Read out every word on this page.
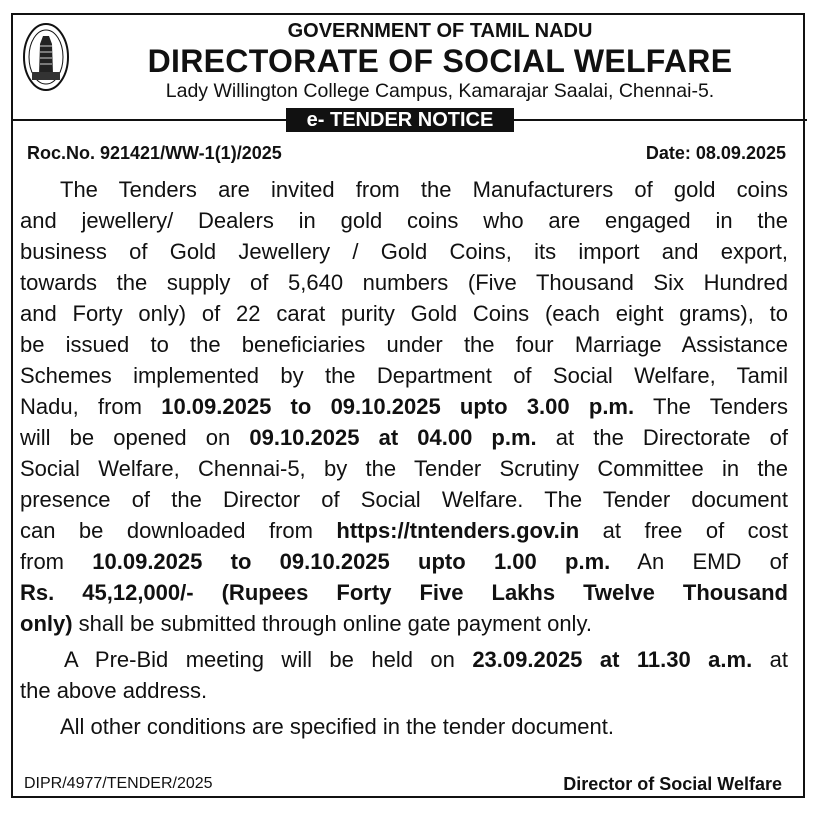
GOVERNMENT OF TAMIL NADU
DIRECTORATE OF SOCIAL WELFARE
Lady Willington College Campus, Kamarajar Saalai, Chennai-5.
e- TENDER NOTICE
Roc.No. 921421/WW-1(1)/2025	Date: 08.09.2025
The Tenders are invited from the Manufacturers of gold coins
and jewellery/ Dealers in gold coins who are engaged in the
business of Gold Jewellery / Gold Coins, its import and export,
towards the supply of 5,640 numbers (Five Thousand Six Hundred
and Forty only) of 22 carat purity Gold Coins (each eight grams), to
be issued to the beneficiaries under the four Marriage Assistance
Schemes implemented by the Department of Social Welfare, Tamil
Nadu, from 10.09.2025 to 09.10.2025 upto 3.00 p.m. The Tenders
will be opened on 09.10.2025 at 04.00 p.m. at the Directorate of
Social Welfare, Chennai-5, by the Tender Scrutiny Committee in the
presence of the Director of Social Welfare. The Tender document
can be downloaded from https://tntenders.gov.in at free of cost
from 10.09.2025 to 09.10.2025 upto 1.00 p.m. An EMD of
Rs. 45,12,000/- (Rupees Forty Five Lakhs Twelve Thousand
only) shall be submitted through online gate payment only.
A Pre-Bid meeting will be held on 23.09.2025 at 11.30 a.m. at
the above address.
All other conditions are specified in the tender document.
DIPR/4977/TENDER/2025	Director of Social Welfare
